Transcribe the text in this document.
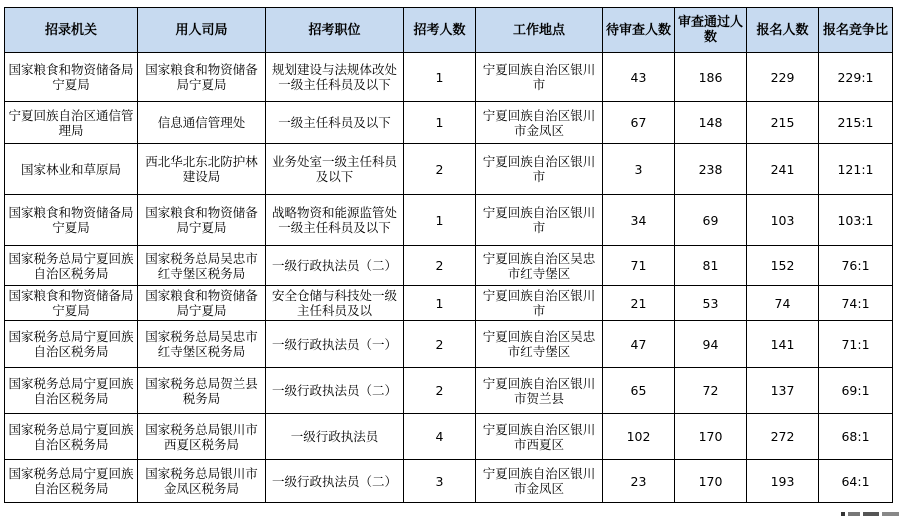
招录机关	用人司局	招考职位	招考人数	工作地点	待审查人数	审查通过人数	报名人数	报名竞争比
国家粮食和物资储备局宁夏局	国家粮食和物资储备局宁夏局	规划建设与法规体改处一级主任科员及以下	1	宁夏回族自治区银川市	43	186	229	229:1
宁夏回族自治区通信管理局	信息通信管理处	一级主任科员及以下	1	宁夏回族自治区银川市金凤区	67	148	215	215:1
国家林业和草原局	西北华北东北防护林建设局	业务处室一级主任科员及以下	2	宁夏回族自治区银川市	3	238	241	121:1
国家粮食和物资储备局宁夏局	国家粮食和物资储备局宁夏局	战略物资和能源监管处一级主任科员及以下	1	宁夏回族自治区银川市	34	69	103	103:1
国家税务总局宁夏回族自治区税务局	国家税务总局吴忠市红寺堡区税务局	一级行政执法员（二）	2	宁夏回族自治区吴忠市红寺堡区	71	81	152	76:1
国家粮食和物资储备局宁夏局	国家粮食和物资储备局宁夏局	安全仓储与科技处一级主任科员及以	1	宁夏回族自治区银川市	21	53	74	74:1
国家税务总局宁夏回族自治区税务局	国家税务总局吴忠市红寺堡区税务局	一级行政执法员（一）	2	宁夏回族自治区吴忠市红寺堡区	47	94	141	71:1
国家税务总局宁夏回族自治区税务局	国家税务总局贺兰县税务局	一级行政执法员（二）	2	宁夏回族自治区银川市贺兰县	65	72	137	69:1
国家税务总局宁夏回族自治区税务局	国家税务总局银川市西夏区税务局	一级行政执法员	4	宁夏回族自治区银川市西夏区	102	170	272	68:1
国家税务总局宁夏回族自治区税务局	国家税务总局银川市金凤区税务局	一级行政执法员（二）	3	宁夏回族自治区银川市金凤区	23	170	193	64:1
